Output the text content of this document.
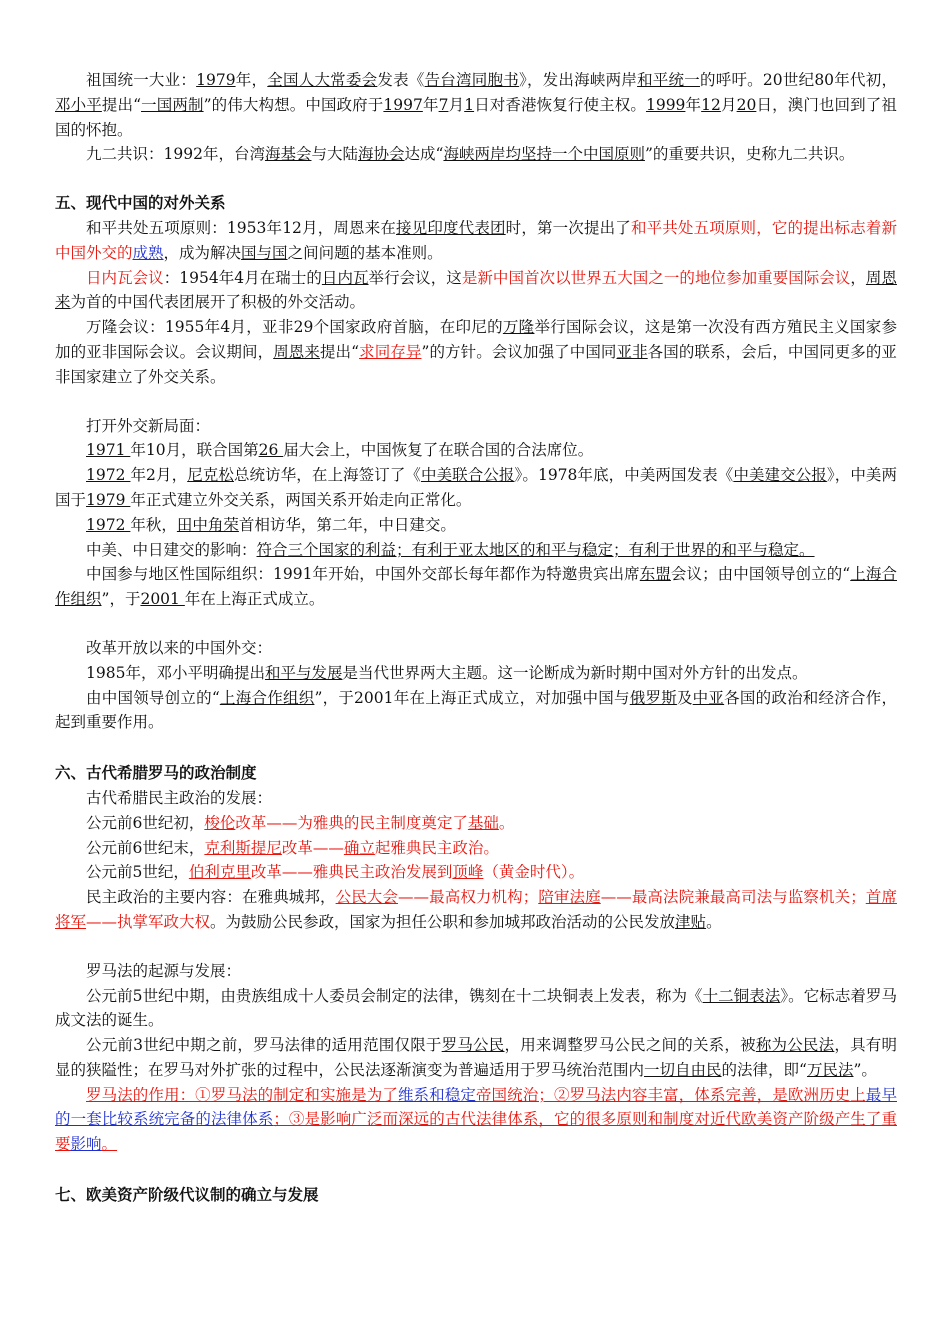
祖国统一大业：1979年，全国人大常委会发表《告台湾同胞书》，发出海峡两岸和平统一的呼吁。20世纪80年代初，邓小平提出“一国两制”的伟大构想。中国政府于1997年7月1日对香港恢复行使主权。1999年12月20日，澳门也回到了祖国的怀抱。

九二共识：1992年，台湾海基会与大陆海协会达成“海峡两岸均坚持一个中国原则”的重要共识，史称九二共识。

五、现代中国的对外关系

和平共处五项原则：1953年12月，周恩来在接见印度代表团时，第一次提出了和平共处五项原则，它的提出标志着新中国外交的成熟，成为解决国与国之间问题的基本准则。

日内瓦会议：1954年4月在瑞士的日内瓦举行会议，这是新中国首次以世界五大国之一的地位参加重要国际会议，周恩来为首的中国代表团展开了积极的外交活动。

万隆会议：1955年4月，亚非29个国家政府首脑，在印尼的万隆举行国际会议，这是第一次没有西方殖民主义国家参加的亚非国际会议。会议期间，周恩来提出“求同存异”的方针。会议加强了中国同亚非各国的联系，会后，中国同更多的亚非国家建立了外交关系。

打开外交新局面：

1971 年10月，联合国第26 届大会上，中国恢复了在联合国的合法席位。

1972 年2月，尼克松总统访华，在上海签订了《中美联合公报》。1978年底，中美两国发表《中美建交公报》，中美两国于1979 年正式建立外交关系，两国关系开始走向正常化。

1972 年秋，田中角荣首相访华，第二年，中日建交。

中美、中日建交的影响：符合三个国家的利益；有利于亚太地区的和平与稳定；有利于世界的和平与稳定。

中国参与地区性国际组织：1991年开始，中国外交部长每年都作为特邀贵宾出席东盟会议；由中国领导创立的“上海合作组织”，于2001 年在上海正式成立。

改革开放以来的中国外交：

1985年，邓小平明确提出和平与发展是当代世界两大主题。这一论断成为新时期中国对外方针的出发点。

由中国领导创立的“上海合作组织”，于2001年在上海正式成立，对加强中国与俄罗斯及中亚各国的政治和经济合作，起到重要作用。

六、古代希腊罗马的政治制度

古代希腊民主政治的发展：

公元前6世纪初，梭伦改革——为雅典的民主制度奠定了基础。

公元前6世纪末，克利斯提尼改革——确立起雅典民主政治。

公元前5世纪，伯利克里改革——雅典民主政治发展到顶峰（黄金时代）。

民主政治的主要内容：在雅典城邦，公民大会——最高权力机构；陪审法庭——最高法院兼最高司法与监察机关；首席将军——执掌军政大权。为鼓励公民参政，国家为担任公职和参加城邦政治活动的公民发放津贴。

罗马法的起源与发展：

公元前5世纪中期，由贵族组成十人委员会制定的法律，镌刻在十二块铜表上发表，称为《十二铜表法》。它标志着罗马成文法的诞生。

公元前3世纪中期之前，罗马法律的适用范围仅限于罗马公民，用来调整罗马公民之间的关系，被称为公民法，具有明显的狭隘性；在罗马对外扩张的过程中，公民法逐渐演变为普遍适用于罗马统治范围内一切自由民的法律，即“万民法”。

罗马法的作用：①罗马法的制定和实施是为了维系和稳定帝国统治；②罗马法内容丰富，体系完善，是欧洲历史上最早的一套比较系统完备的法律体系；③是影响广泛而深远的古代法律体系，它的很多原则和制度对近代欧美资产阶级产生了重要影响。

七、欧美资产阶级代议制的确立与发展
